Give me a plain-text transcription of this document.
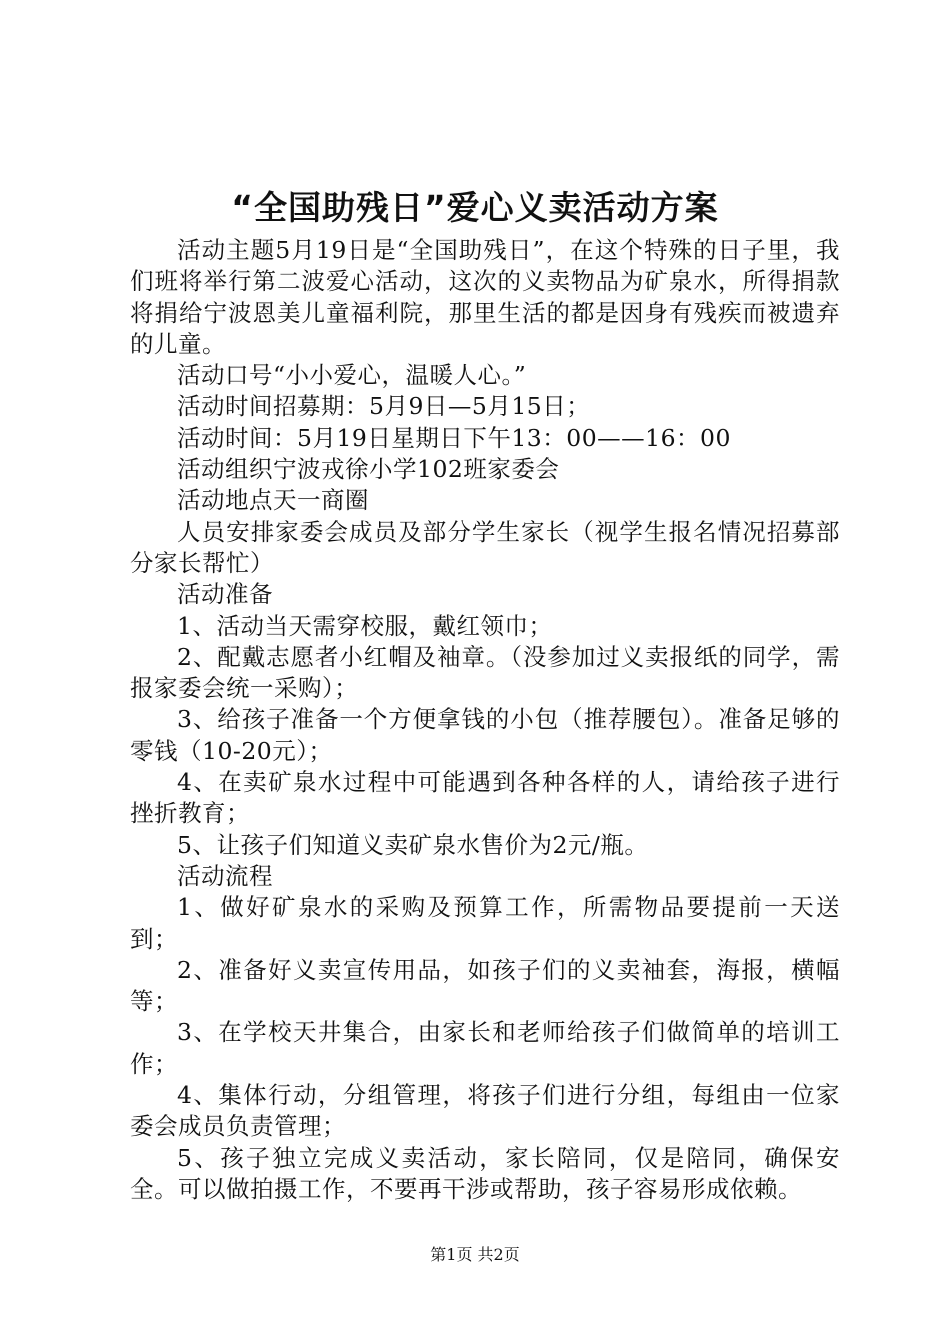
“全国助残日”爱心义卖活动方案

活动主题5月19日是“全国助残日”，在这个特殊的日子里，我们班将举行第二波爱心活动，这次的义卖物品为矿泉水，所得捐款将捐给宁波恩美儿童福利院，那里生活的都是因身有残疾而被遗弃的儿童。

活动口号“小小爱心，温暖人心。”

活动时间招募期：5月9日—5月15日；

活动时间：5月19日星期日下午13：00——16：00

活动组织宁波戎徐小学102班家委会

活动地点天一商圈

人员安排家委会成员及部分学生家长（视学生报名情况招募部分家长帮忙）

活动准备

1、活动当天需穿校服，戴红领巾；

2、配戴志愿者小红帽及袖章。（没参加过义卖报纸的同学，需报家委会统一采购）；

3、给孩子准备一个方便拿钱的小包（推荐腰包）。准备足够的零钱（10-20元）；

4、在卖矿泉水过程中可能遇到各种各样的人，请给孩子进行挫折教育；

5、让孩子们知道义卖矿泉水售价为2元/瓶。

活动流程

1、做好矿泉水的采购及预算工作，所需物品要提前一天送到；

2、准备好义卖宣传用品，如孩子们的义卖袖套，海报，横幅等；

3、在学校天井集合，由家长和老师给孩子们做简单的培训工作；

4、集体行动，分组管理，将孩子们进行分组，每组由一位家委会成员负责管理；

5、孩子独立完成义卖活动，家长陪同，仅是陪同，确保安全。可以做拍摄工作，不要再干涉或帮助，孩子容易形成依赖。

第1页 共2页
